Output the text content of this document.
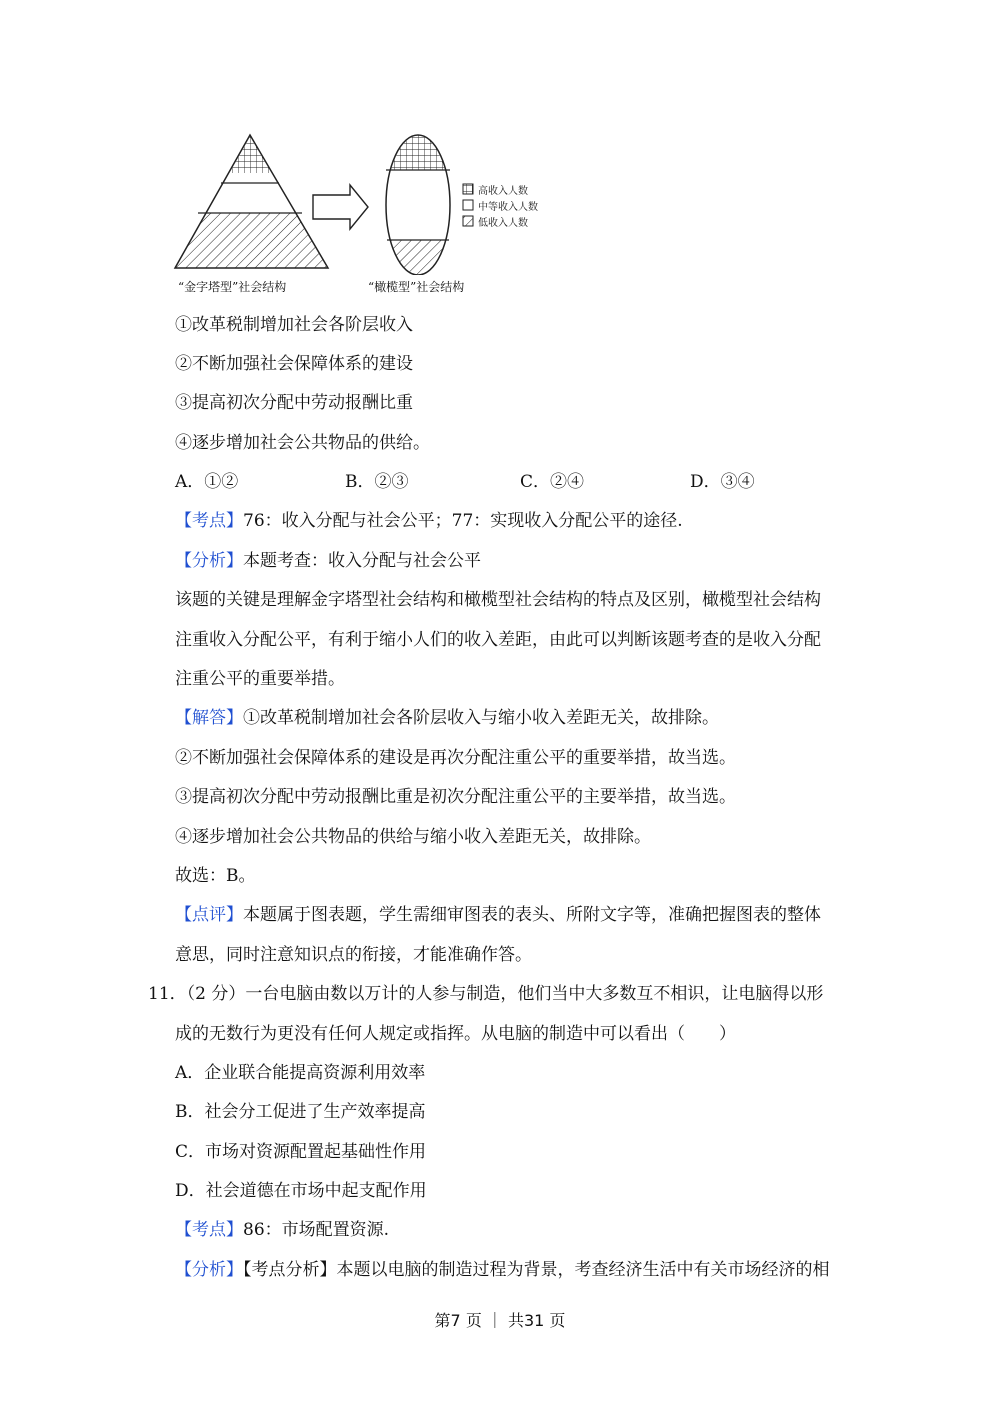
高收入人数
中等收入人数
低收入人数
“金字塔型”社会结构	“橄榄型”社会结构
①改革税制增加社会各阶层收入
②不断加强社会保障体系的建设
③提高初次分配中劳动报酬比重
④逐步增加社会公共物品的供给。
A．①②	B．②③	C．②④	D．③④
【考点】76：收入分配与社会公平；77：实现收入分配公平的途径.
【分析】本题考查：收入分配与社会公平
该题的关键是理解金字塔型社会结构和橄榄型社会结构的特点及区别，橄榄型社会结构
注重收入分配公平，有利于缩小人们的收入差距，由此可以判断该题考查的是收入分配
注重公平的重要举措。
【解答】①改革税制增加社会各阶层收入与缩小收入差距无关，故排除。
②不断加强社会保障体系的建设是再次分配注重公平的重要举措，故当选。
③提高初次分配中劳动报酬比重是初次分配注重公平的主要举措，故当选。
④逐步增加社会公共物品的供给与缩小收入差距无关，故排除。
故选：B。
【点评】本题属于图表题，学生需细审图表的表头、所附文字等，准确把握图表的整体
意思，同时注意知识点的衔接，才能准确作答。
11．（2 分）一台电脑由数以万计的人参与制造，他们当中大多数互不相识，让电脑得以形
成的无数行为更没有任何人规定或指挥。从电脑的制造中可以看出（　　）
A．企业联合能提高资源利用效率
B．社会分工促进了生产效率提高
C．市场对资源配置起基础性作用
D．社会道德在市场中起支配作用
【考点】86：市场配置资源.
【分析】【考点分析】本题以电脑的制造过程为背景，考查经济生活中有关市场经济的相
第7 页 ｜ 共31 页
